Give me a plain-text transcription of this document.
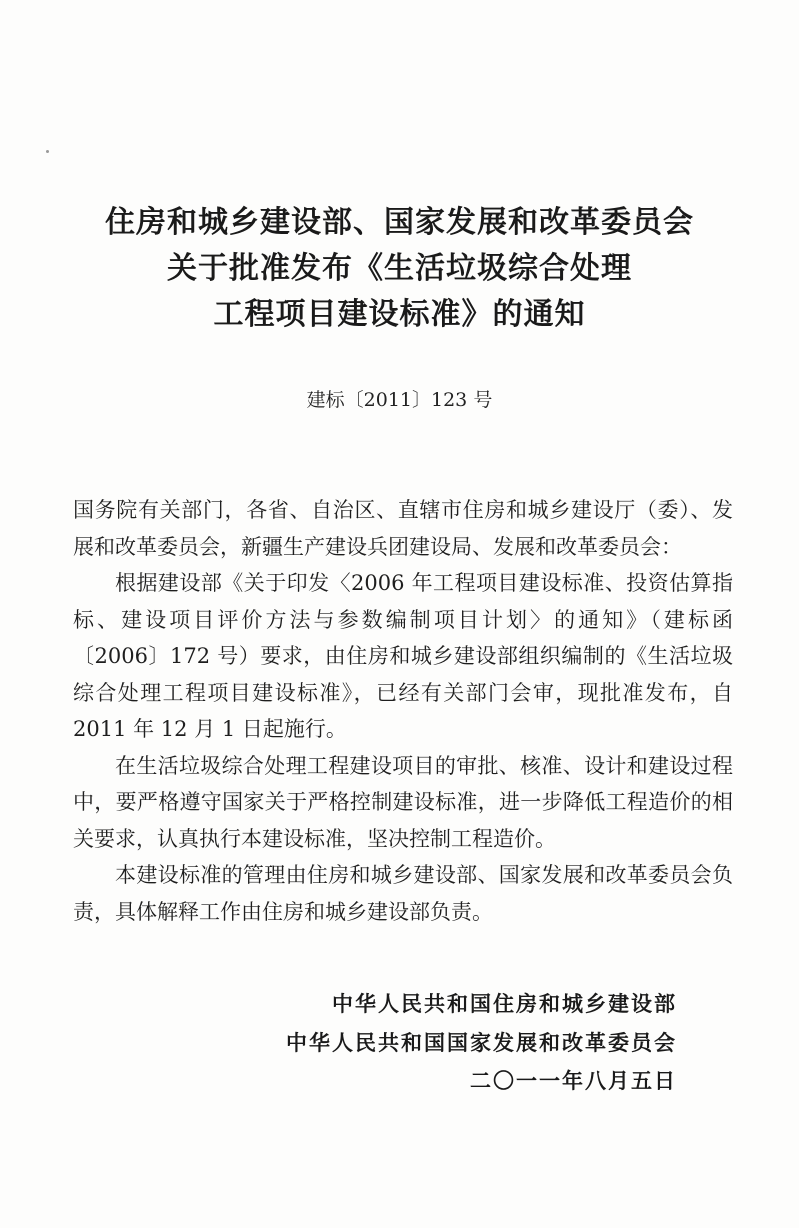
住房和城乡建设部、国家发展和改革委员会
关于批准发布《生活垃圾综合处理
工程项目建设标准》的通知
建标〔2011〕123 号

国务院有关部门，各省、自治区、直辖市住房和城乡建设厅（委）、发展和改革委员会，新疆生产建设兵团建设局、发展和改革委员会：

根据建设部《关于印发〈2006 年工程项目建设标准、投资估算指标、建设项目评价方法与参数编制项目计划〉的通知》（建标函〔2006〕172 号）要求，由住房和城乡建设部组织编制的《生活垃圾综合处理工程项目建设标准》，已经有关部门会审，现批准发布，自 2011 年 12 月 1 日起施行。

在生活垃圾综合处理工程建设项目的审批、核准、设计和建设过程中，要严格遵守国家关于严格控制建设标准，进一步降低工程造价的相关要求，认真执行本建设标准，坚决控制工程造价。

本建设标准的管理由住房和城乡建设部、国家发展和改革委员会负责，具体解释工作由住房和城乡建设部负责。

中华人民共和国住房和城乡建设部
中华人民共和国国家发展和改革委员会
二〇一一年八月五日
